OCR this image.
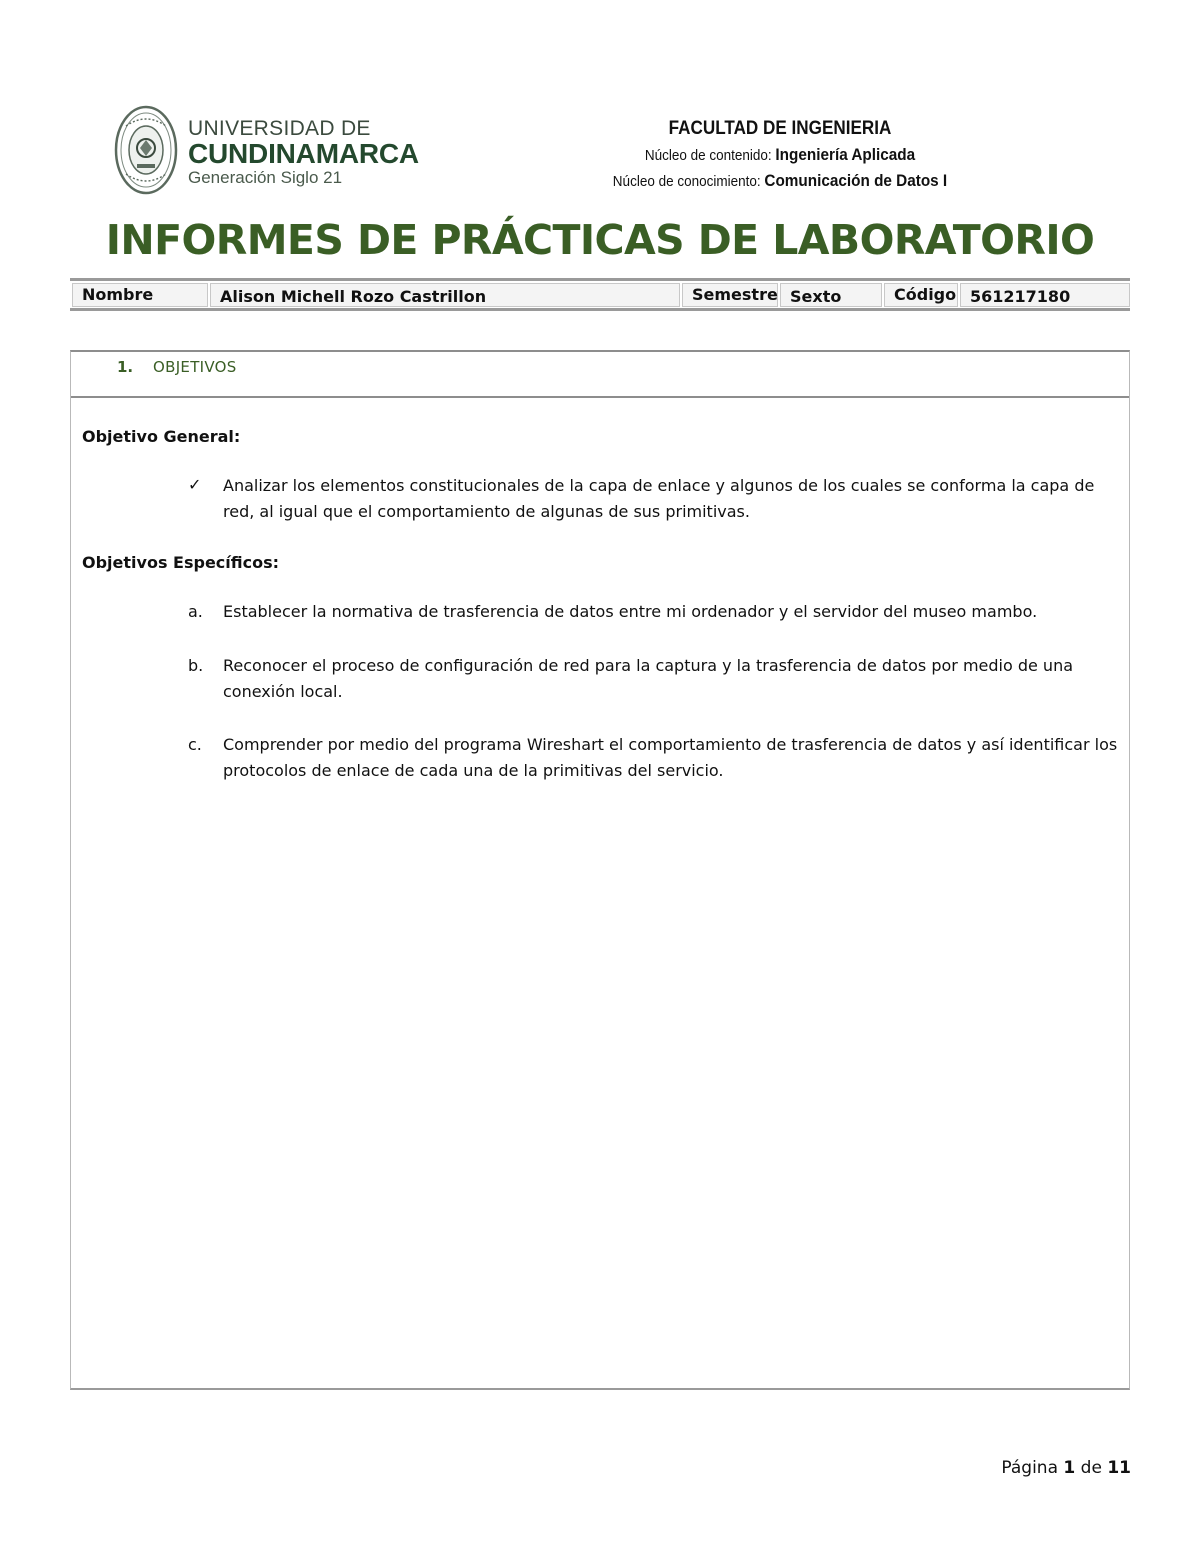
UNIVERSIDAD DE
CUNDINAMARCA
Generación Siglo 21
FACULTAD DE INGENIERIA
Núcleo de contenido: Ingeniería Aplicada
Núcleo de conocimiento: Comunicación de Datos I
INFORMES DE PRÁCTICAS DE LABORATORIO
Nombre	Alison Michell Rozo Castrillon	Semestre Sexto	Código 561217180
1. OBJETIVOS
Objetivo General:
✓ Analizar los elementos constitucionales de la capa de enlace y algunos de los cuales se conforma la capa de red, al igual que el comportamiento de algunas de sus primitivas.
Objetivos Específicos:
a. Establecer la normativa de trasferencia de datos entre mi ordenador y el servidor del museo mambo.
b. Reconocer el proceso de configuración de red para la captura y la trasferencia de datos por medio de una conexión local.
c. Comprender por medio del programa Wireshart el comportamiento de trasferencia de datos y así identificar los protocolos de enlace de cada una de la primitivas del servicio.
Página 1 de 11
